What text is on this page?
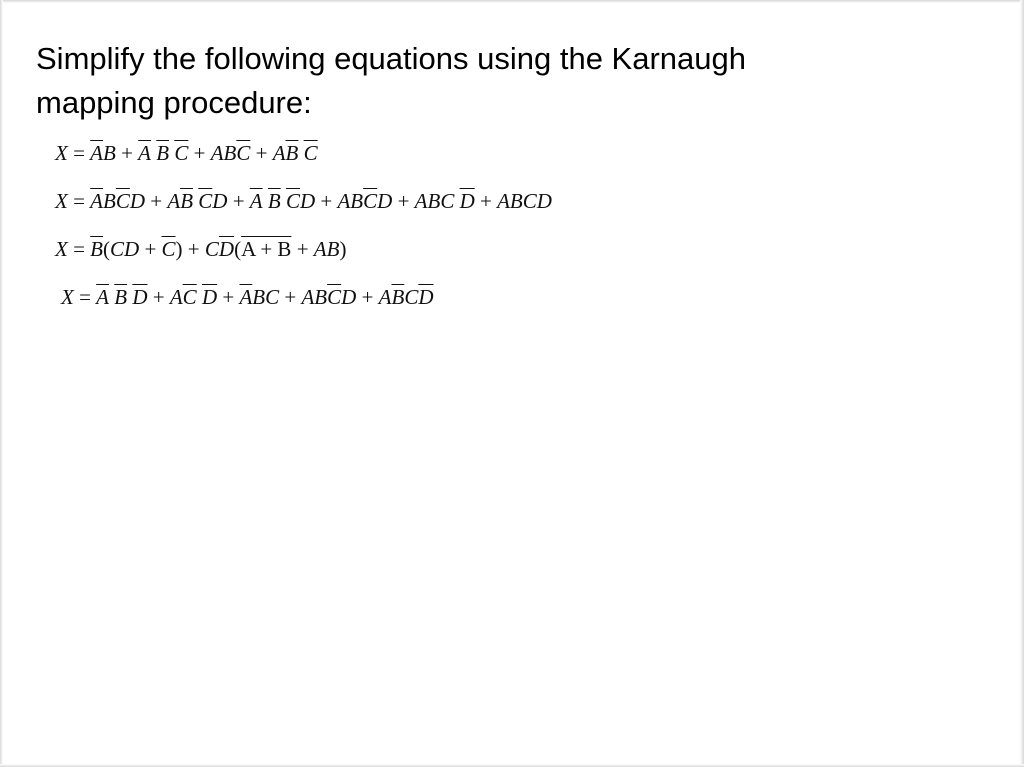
Simplify the following equations using the Karnaugh
mapping procedure:
$X = \overline{A}B + \overline{A}$ $\overline{B}$ $\overline{C} + AB\overline{C} + A\overline{B}$ $\overline{C}$
$X = \overline{A}B\overline{C}D + A\overline{B}$ $\overline{C}D + \overline{A}$ $\overline{B}$ $\overline{C}D + AB\overline{C}D$ + ABC $\overline{D}$ + ABCD
$X = \overline{B}(CD + \overline{C}) + C\overline{D}(A + B + AB)$
$X = \overline{A}$ $\overline{B}$ $\overline{D} + A\overline{C}$ $\overline{D} + \overline{A}BC + AB\overline{C}D + A\overline{B}C\overline{D}$
